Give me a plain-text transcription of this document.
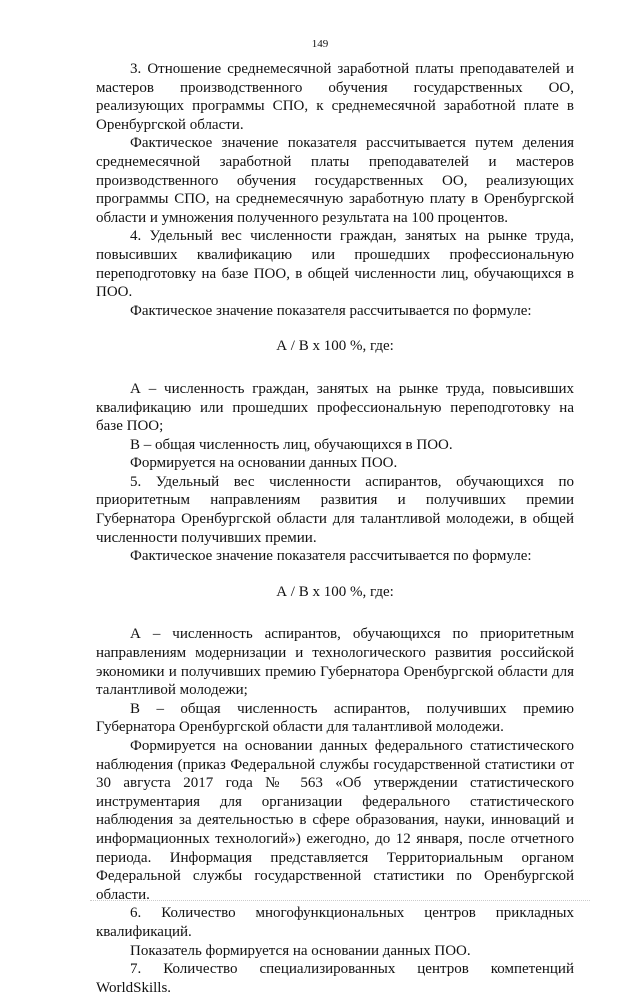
149

3. Отношение среднемесячной заработной платы преподавателей и мастеров производственного обучения государственных ОО, реализующих программы СПО, к среднемесячной заработной плате в Оренбургской области.

Фактическое значение показателя рассчитывается путем деления среднемесячной заработной платы преподавателей и мастеров производственного обучения государственных ОО, реализующих программы СПО, на среднемесячную заработную плату в Оренбургской области и умножения полученного результата на 100 процентов.

4. Удельный вес численности граждан, занятых на рынке труда, повысивших квалификацию или прошедших профессиональную переподготовку на базе ПОО, в общей численности лиц, обучающихся в ПОО.

Фактическое значение показателя рассчитывается по формуле:

А / В х 100 %, где:

А – численность граждан, занятых на рынке труда, повысивших квалификацию или прошедших профессиональную переподготовку на базе ПОО;

В – общая численность лиц, обучающихся в ПОО.

Формируется на основании данных ПОО.

5. Удельный вес численности аспирантов, обучающихся по приоритетным направлениям развития и получивших премии Губернатора Оренбургской области для талантливой молодежи, в общей численности получивших премии.

Фактическое значение показателя рассчитывается по формуле:

А / В х 100 %, где:

А – численность аспирантов, обучающихся по приоритетным направлениям модернизации и технологического развития российской экономики и получивших премию Губернатора Оренбургской области для талантливой молодежи;

В – общая численность аспирантов, получивших премию Губернатора Оренбургской области для талантливой молодежи.

Формируется на основании данных федерального статистического наблюдения (приказ Федеральной службы государственной статистики от 30 августа 2017 года № 563 «Об утверждении статистического инструментария для организации федерального статистического наблюдения за деятельностью в сфере образования, науки, инноваций и информационных технологий») ежегодно, до 12 января, после отчетного периода. Информация представляется Территориальным органом Федеральной службы государственной статистики по Оренбургской области.

6. Количество многофункциональных центров прикладных квалификаций.

Показатель формируется на основании данных ПОО.

7. Количество специализированных центров компетенций WorldSkills.
